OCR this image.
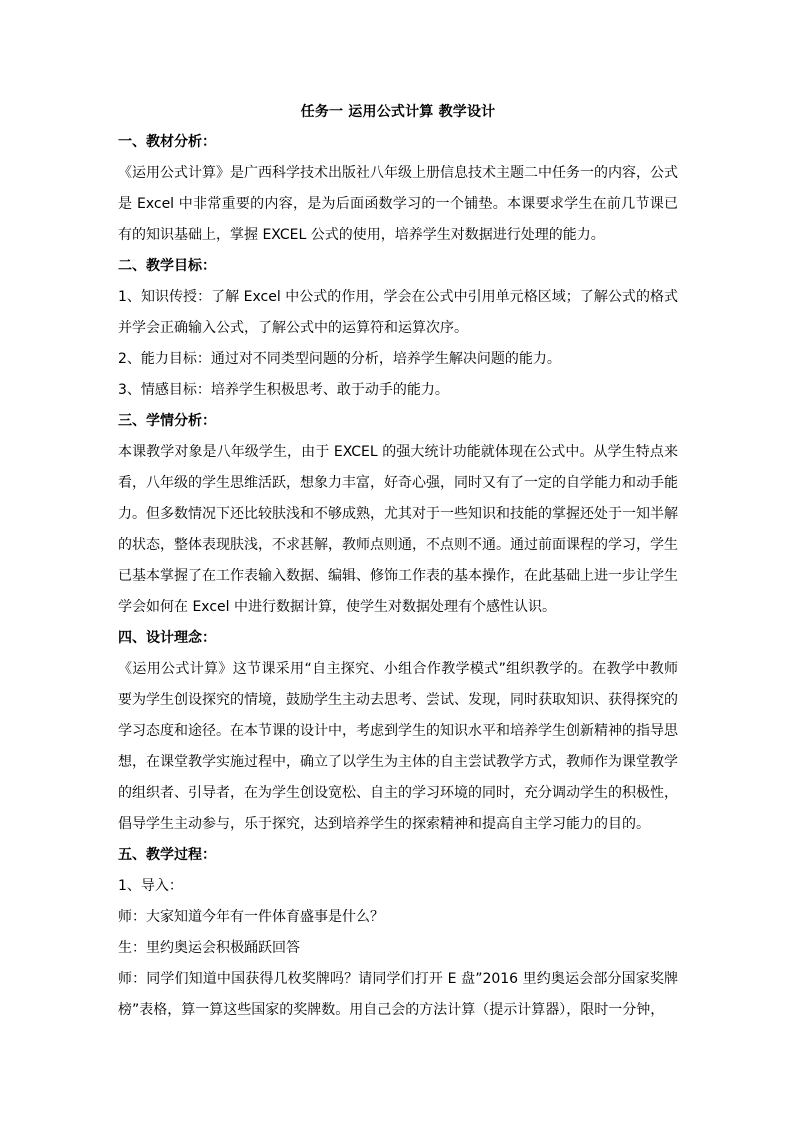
任务一 运用公式计算 教学设计

一、教材分析：

《运用公式计算》是广西科学技术出版社八年级上册信息技术主题二中任务一的内容，公式是 Excel 中非常重要的内容，是为后面函数学习的一个铺垫。本课要求学生在前几节课已有的知识基础上，掌握 EXCEL 公式的使用，培养学生对数据进行处理的能力。

二、教学目标：

1、知识传授：了解 Excel 中公式的作用，学会在公式中引用单元格区域；了解公式的格式并学会正确输入公式，了解公式中的运算符和运算次序。

2、能力目标：通过对不同类型问题的分析，培养学生解决问题的能力。

3、情感目标：培养学生积极思考、敢于动手的能力。

三、学情分析：

本课教学对象是八年级学生，由于 EXCEL 的强大统计功能就体现在公式中。从学生特点来看，八年级的学生思维活跃，想象力丰富，好奇心强，同时又有了一定的自学能力和动手能力。但多数情况下还比较肤浅和不够成熟，尤其对于一些知识和技能的掌握还处于一知半解的状态，整体表现肤浅，不求甚解，教师点则通，不点则不通。通过前面课程的学习，学生已基本掌握了在工作表输入数据、编辑、修饰工作表的基本操作，在此基础上进一步让学生学会如何在 Excel 中进行数据计算，使学生对数据处理有个感性认识。

四、设计理念：

《运用公式计算》这节课采用“自主探究、小组合作教学模式”组织教学的。在教学中教师要为学生创设探究的情境，鼓励学生主动去思考、尝试、发现，同时获取知识、获得探究的学习态度和途径。在本节课的设计中，考虑到学生的知识水平和培养学生创新精神的指导思想，在课堂教学实施过程中，确立了以学生为主体的自主尝试教学方式，教师作为课堂教学的组织者、引导者，在为学生创设宽松、自主的学习环境的同时，充分调动学生的积极性，倡导学生主动参与，乐于探究，达到培养学生的探索精神和提高自主学习能力的目的。

五、教学过程：

1、导入：

师：大家知道今年有一件体育盛事是什么？

生：里约奥运会积极踊跃回答

师：同学们知道中国获得几枚奖牌吗？请同学们打开 E 盘”2016 里约奥运会部分国家奖牌榜”表格，算一算这些国家的奖牌数。用自己会的方法计算（提示计算器），限时一分钟，
